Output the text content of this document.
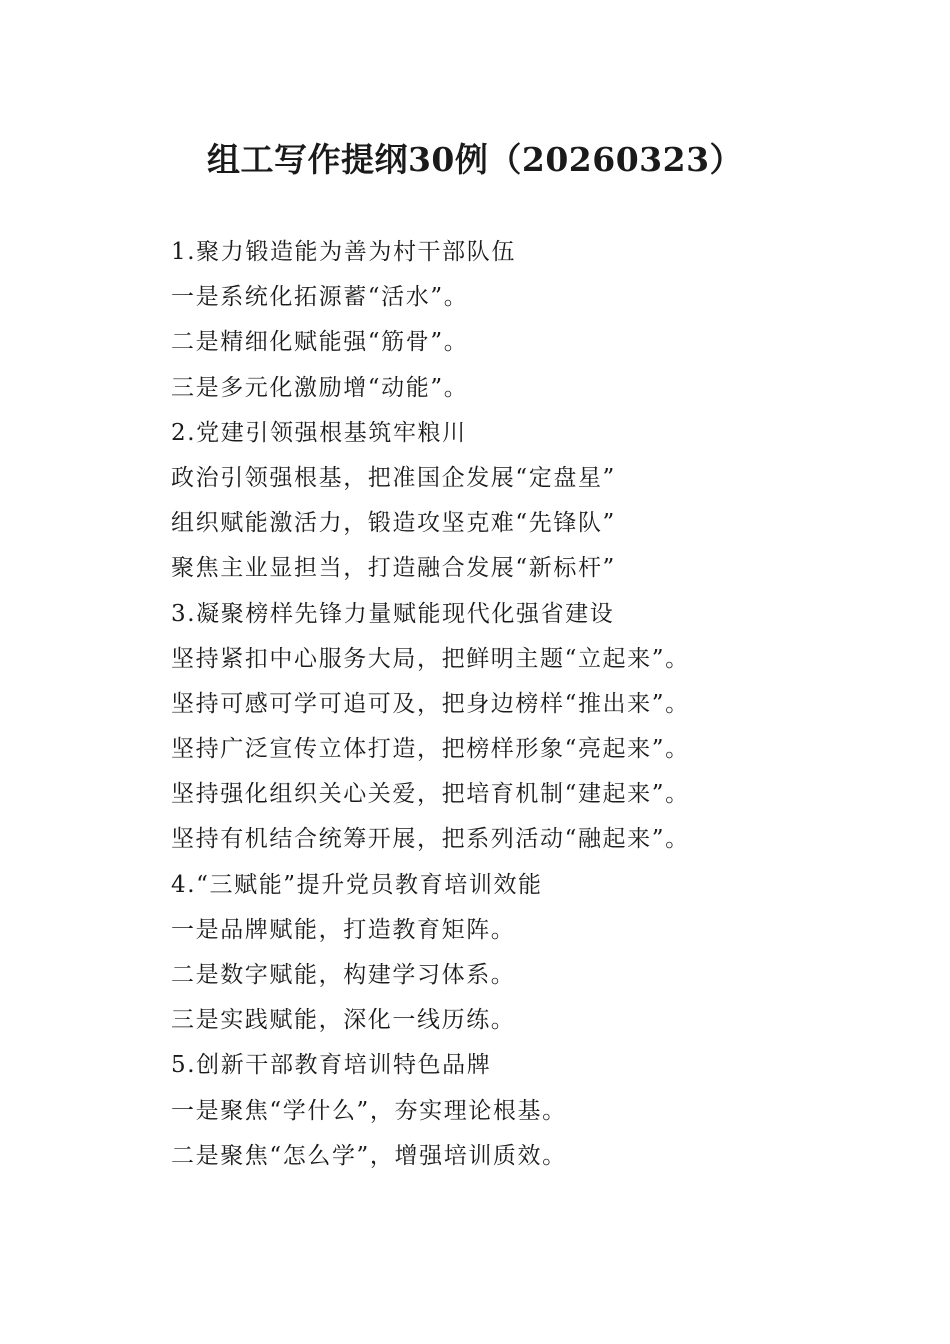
组工写作提纲30例（20260323）
1.聚力锻造能为善为村干部队伍
一是系统化拓源蓄“活水”。
二是精细化赋能强“筋骨”。
三是多元化激励增“动能”。
2.党建引领强根基筑牢粮川
政治引领强根基，把准国企发展“定盘星”
组织赋能激活力，锻造攻坚克难“先锋队”
聚焦主业显担当，打造融合发展“新标杆”
3.凝聚榜样先锋力量赋能现代化强省建设
坚持紧扣中心服务大局，把鲜明主题“立起来”。
坚持可感可学可追可及，把身边榜样“推出来”。
坚持广泛宣传立体打造，把榜样形象“亮起来”。
坚持强化组织关心关爱，把培育机制“建起来”。
坚持有机结合统筹开展，把系列活动“融起来”。
4.“三赋能”提升党员教育培训效能
一是品牌赋能，打造教育矩阵。
二是数字赋能，构建学习体系。
三是实践赋能，深化一线历练。
5.创新干部教育培训特色品牌
一是聚焦“学什么”，夯实理论根基。
二是聚焦“怎么学”，增强培训质效。
